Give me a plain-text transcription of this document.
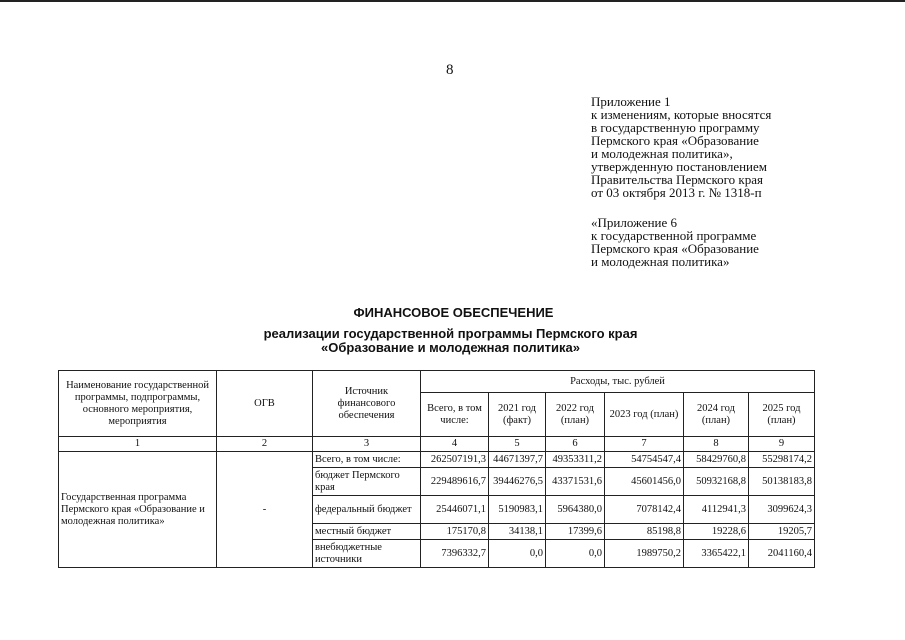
8
Приложение 1
к изменениям, которые вносятся
в государственную программу
Пермского края «Образование
и молодежная политика»,
утвержденную постановлением
Правительства Пермского края
от 03 октября 2013 г. № 1318-п
«Приложение 6
к государственной программе
Пермского края «Образование
и молодежная политика»
ФИНАНСОВОЕ ОБЕСПЕЧЕНИЕ
реализации государственной программы Пермского края
«Образование и молодежная политика»
Наименование государственной программы, подпрограммы, основного мероприятия, мероприятия	ОГВ	Источник финансового обеспечения	Расходы, тыс. рублей					
			Всего, в том числе:	2021 год (факт)	2022 год (план)	2023 год (план)	2024 год (план)	2025 год (план)
1	2	3	4	5	6	7	8	9
Государственная программа Пермского края «Образование и молодежная политика»	-	Всего, в том числе:	262507191,3	44671397,7	49353311,2	54754547,4	58429760,8	55298174,2
		бюджет Пермского края	229489616,7	39446276,5	43371531,6	45601456,0	50932168,8	50138183,8
		федеральный бюджет	25446071,1	5190983,1	5964380,0	7078142,4	4112941,3	3099624,3
		местный бюджет	175170,8	34138,1	17399,6	85198,8	19228,6	19205,7
		внебюджетные источники	7396332,7	0,0	0,0	1989750,2	3365422,1	2041160,4
